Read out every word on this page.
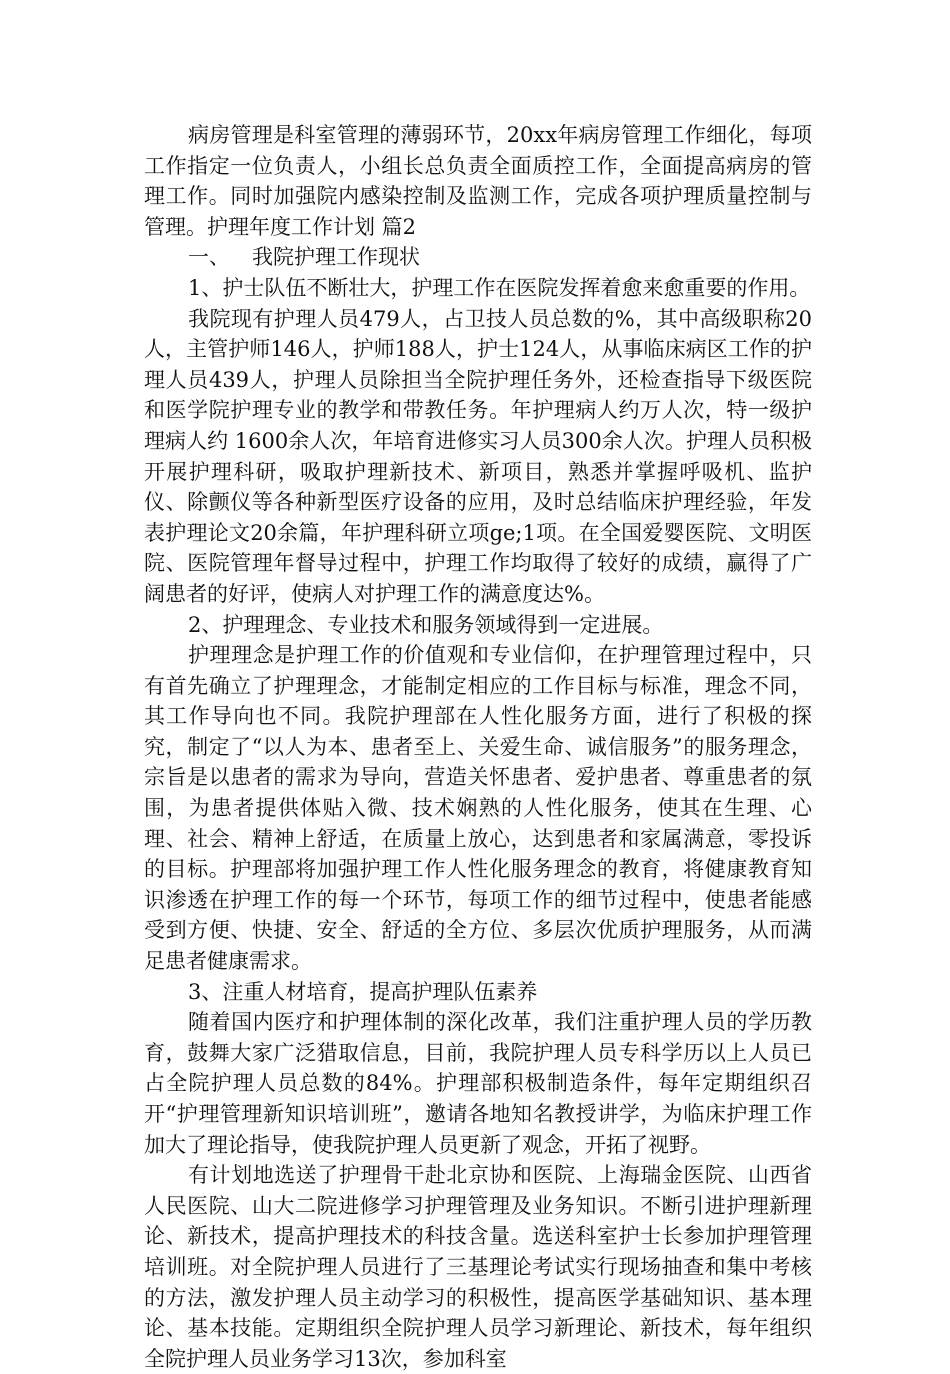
病房管理是科室管理的薄弱环节，20xx年病房管理工作细化，每项工作指定一位负责人，小组长总负责全面质控工作，全面提高病房的管理工作。同时加强院内感染控制及监测工作，完成各项护理质量控制与管理。护理年度工作计划 篇2

一、 我院护理工作现状

1、护士队伍不断壮大，护理工作在医院发挥着愈来愈重要的作用。

我院现有护理人员479人，占卫技人员总数的%，其中高级职称20人，主管护师146人，护师188人，护士124人，从事临床病区工作的护理人员439人，护理人员除担当全院护理任务外，还检查指导下级医院和医学院护理专业的教学和带教任务。年护理病人约万人次，特一级护理病人约 1600余人次，年培育进修实习人员300余人次。护理人员积极开展护理科研，吸取护理新技术、新项目，熟悉并掌握呼吸机、监护仪、除颤仪等各种新型医疗设备的应用，及时总结临床护理经验，年发表护理论文20余篇，年护理科研立项ge;1项。在全国爱婴医院、文明医院、医院管理年督导过程中，护理工作均取得了较好的成绩，赢得了广阔患者的好评，使病人对护理工作的满意度达%。

2、护理理念、专业技术和服务领域得到一定进展。

护理理念是护理工作的价值观和专业信仰，在护理管理过程中，只有首先确立了护理理念，才能制定相应的工作目标与标准，理念不同，其工作导向也不同。我院护理部在人性化服务方面，进行了积极的探究，制定了“以人为本、患者至上、关爱生命、诚信服务”的服务理念，宗旨是以患者的需求为导向，营造关怀患者、爱护患者、尊重患者的氛围，为患者提供体贴入微、技术娴熟的人性化服务，使其在生理、心理、社会、精神上舒适，在质量上放心，达到患者和家属满意，零投诉的目标。护理部将加强护理工作人性化服务理念的教育，将健康教育知识渗透在护理工作的每一个环节，每项工作的细节过程中，使患者能感受到方便、快捷、安全、舒适的全方位、多层次优质护理服务，从而满足患者健康需求。

3、注重人材培育，提高护理队伍素养

随着国内医疗和护理体制的深化改革，我们注重护理人员的学历教育，鼓舞大家广泛猎取信息，目前，我院护理人员专科学历以上人员已占全院护理人员总数的84%。护理部积极制造条件，每年定期组织召开“护理管理新知识培训班”，邀请各地知名教授讲学，为临床护理工作加大了理论指导，使我院护理人员更新了观念，开拓了视野。

有计划地选送了护理骨干赴北京协和医院、上海瑞金医院、山西省人民医院、山大二院进修学习护理管理及业务知识。不断引进护理新理论、新技术，提高护理技术的科技含量。选送科室护士长参加护理管理培训班。对全院护理人员进行了三基理论考试实行现场抽查和集中考核的方法，激发护理人员主动学习的积极性，提高医学基础知识、基本理论、基本技能。定期组织全院护理人员学习新理论、新技术，每年组织全院护理人员业务学习13次，参加科室
